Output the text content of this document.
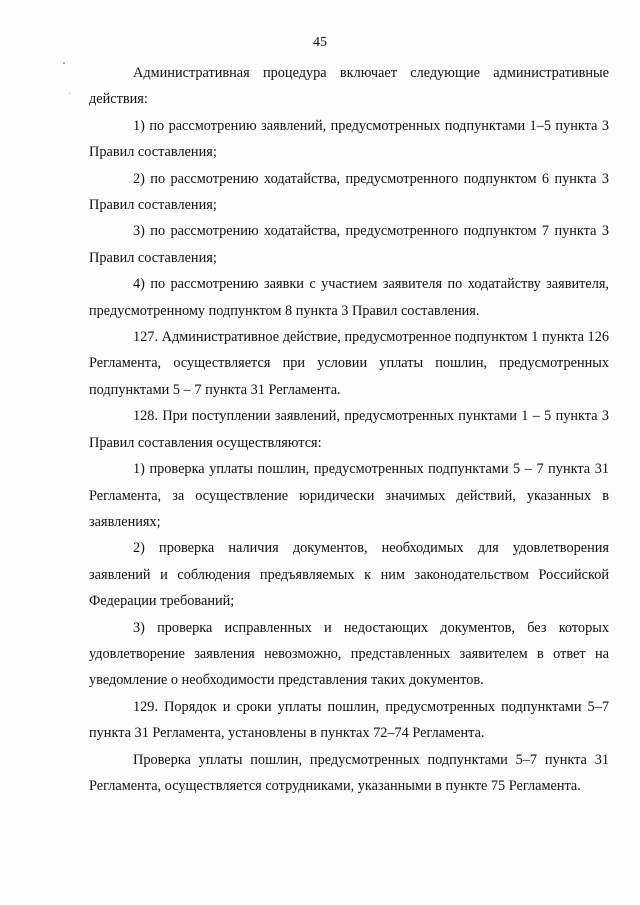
45

Административная процедура включает следующие административные действия:

1) по рассмотрению заявлений, предусмотренных подпунктами 1–5 пункта 3 Правил составления;

2) по рассмотрению ходатайства, предусмотренного подпунктом 6 пункта 3 Правил составления;

3) по рассмотрению ходатайства, предусмотренного подпунктом 7 пункта 3 Правил составления;

4) по рассмотрению заявки с участием заявителя по ходатайству заявителя, предусмотренному подпунктом 8 пункта 3 Правил составления.

127. Административное действие, предусмотренное подпунктом 1 пункта 126 Регламента, осуществляется при условии уплаты пошлин, предусмотренных подпунктами 5 – 7 пункта 31 Регламента.

128. При поступлении заявлений, предусмотренных пунктами 1 – 5 пункта 3 Правил составления осуществляются:

1) проверка уплаты пошлин, предусмотренных подпунктами 5 – 7 пункта 31 Регламента, за осуществление юридически значимых действий, указанных в заявлениях;

2) проверка наличия документов, необходимых для удовлетворения заявлений и соблюдения предъявляемых к ним законодательством Российской Федерации требований;

3) проверка исправленных и недостающих документов, без которых удовлетворение заявления невозможно, представленных заявителем в ответ на уведомление о необходимости представления таких документов.

129. Порядок и сроки уплаты пошлин, предусмотренных подпунктами 5–7 пункта 31 Регламента, установлены в пунктах 72–74 Регламента.

Проверка уплаты пошлин, предусмотренных подпунктами 5–7 пункта 31 Регламента, осуществляется сотрудниками, указанными в пункте 75 Регламента.
